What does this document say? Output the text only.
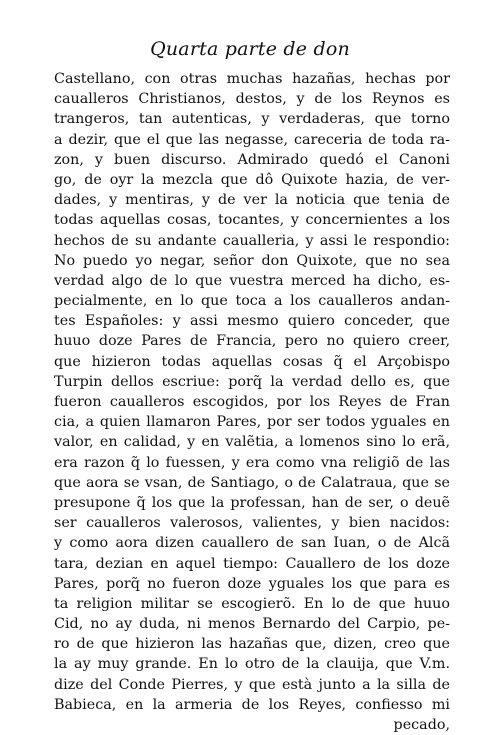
Quarta parte de don
Castellano, con otras muchas hazañas, hechas por
caualleros Christianos, destos, y de los Reynos es
trangeros, tan autenticas, y verdaderas, que torno
a dezir, que el que las negasse, careceria de toda ra-
zon, y buen discurso. Admirado quedó el Canoni
go, de oyr la mezcla que dô Quixote hazia, de ver-
dades, y mentiras, y de ver la noticia que tenia de
todas aquellas cosas, tocantes, y concernientes a los
hechos de su andante caualleria, y assi le respondio:
No puedo yo negar, señor don Quixote, que no sea
verdad algo de lo que vuestra merced ha dicho, es-
pecialmente, en lo que toca a los caualleros andan-
tes Españoles: y assi mesmo quiero conceder, que
huuo doze Pares de Francia, pero no quiero creer,
que hizieron todas aquellas cosas q̃ el Arçobispo
Turpin dellos escriue: porq̃ la verdad dello es, que
fueron caualleros escogidos, por los Reyes de Fran
cia, a quien llamaron Pares, por ser todos yguales en
valor, en calidad, y en valẽtia, a lomenos sino lo erã,
era razon q̃ lo fuessen, y era como vna religiõ de las
que aora se vsan, de Santiago, o de Calatraua, que se
presupone q̃ los que la professan, han de ser, o deuẽ
ser caualleros valerosos, valientes, y bien nacidos:
y como aora dizen cauallero de san Iuan, o de Alcã
tara, dezian en aquel tiempo: Cauallero de los doze
Pares, porq̃ no fueron doze yguales los que para es
ta religion militar se escogierõ. En lo de que huuo
Cid, no ay duda, ni menos Bernardo del Carpio, pe-
ro de que hizieron las hazañas que, dizen, creo que
la ay muy grande. En lo otro de la clauija, que V.m.
dize del Conde Pierres, y que està junto a la silla de
Babieca, en la armeria de los Reyes, confiesso mi
pecado,
